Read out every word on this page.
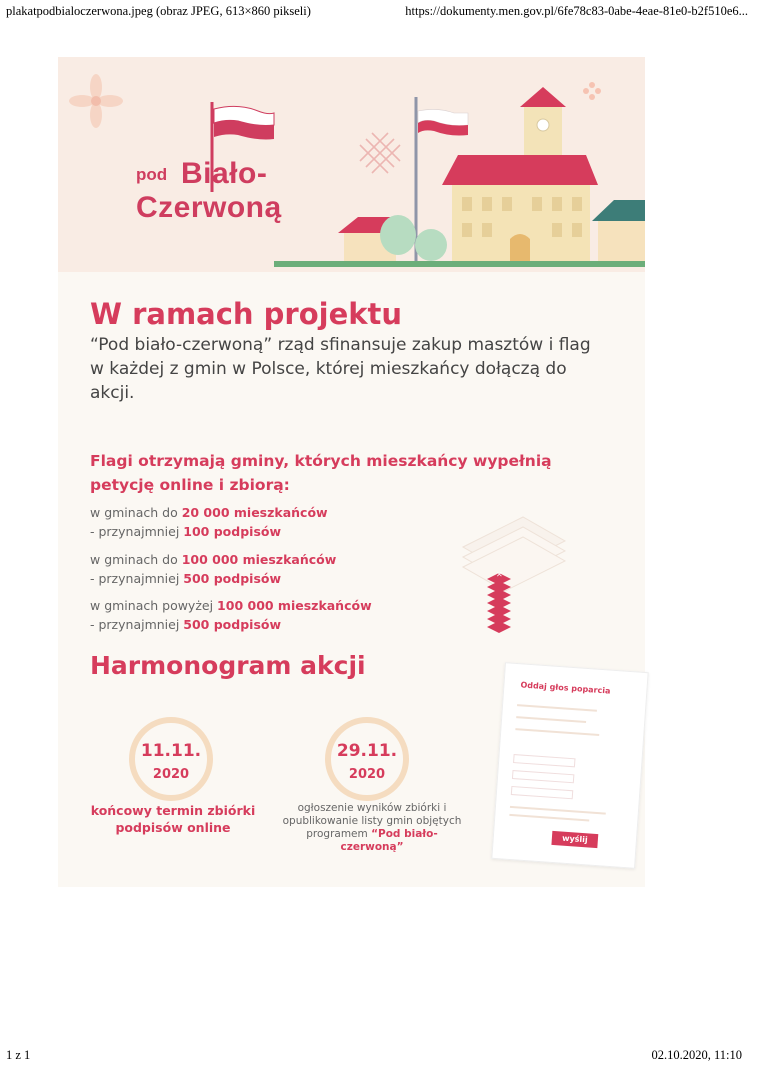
plakatpodbialoczerwona.jpeg (obraz JPEG, 613×860 pikseli)	https://dokumenty.men.gov.pl/6fe78c83-0abe-4eae-81e0-b2f510e6...
pod Biało-
Czerwoną
W ramach projektu
“Pod biało-czerwoną” rząd sfinansuje zakup masztów i flag w każdej z gmin w Polsce, której mieszkańcy dołączą do akcji.
Flagi otrzymają gminy, których mieszkańcy wypełnią petycję online i zbiorą:
w gminach do 20 000 mieszkańców
- przynajmniej 100 podpisów
w gminach do 100 000 mieszkańców
- przynajmniej 500 podpisów
w gminach powyżej 100 000 mieszkańców
- przynajmniej 500 podpisów
✕
Harmonogram akcji
11.11.
2020
końcowy termin zbiórki podpisów online
29.11.
2020
ogłoszenie wyników zbiórki i opublikowanie listy gmin objętych programem “Pod biało-czerwoną”
Oddaj głos poparcia
wyślij
1 z 1	02.10.2020, 11:10
